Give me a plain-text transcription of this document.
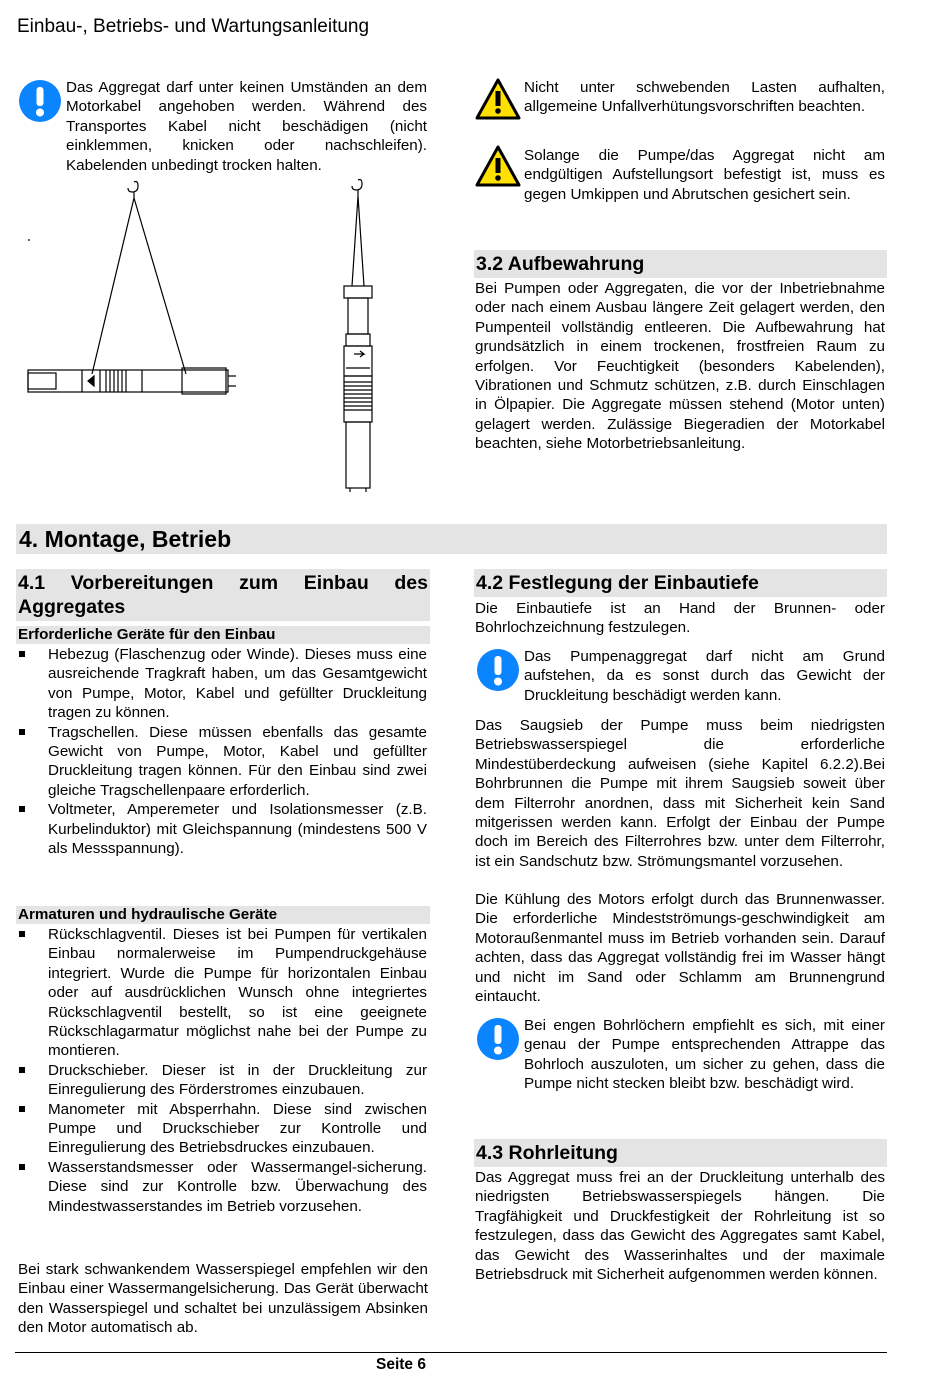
Einbau-, Betriebs- und Wartungsanleitung
Das Aggregat darf unter keinen Umständen an dem Motorkabel angehoben werden. Während des Transportes Kabel nicht beschädigen (nicht einklemmen, knicken oder nachschleifen). Kabelenden unbedingt trocken halten.
Nicht unter schwebenden Lasten aufhalten, allgemeine Unfallverhütungsvorschriften beachten.
Solange die Pumpe/das Aggregat nicht am endgültigen Aufstellungsort befestigt ist, muss es gegen Umkippen und Abrutschen gesichert sein.
3.2 Aufbewahrung
Bei Pumpen oder Aggregaten, die vor der Inbetriebnahme oder nach einem Ausbau längere Zeit gelagert werden, den Pumpenteil vollständig entleeren. Die Aufbewahrung hat grundsätzlich in einem trockenen, frostfreien Raum zu erfolgen. Vor Feuchtigkeit (besonders Kabelenden), Vibrationen und Schmutz schützen, z.B. durch Einschlagen in Ölpapier. Die Aggregate müssen stehend (Motor unten) gelagert werden. Zulässige Biegeradien der Motorkabel beachten, siehe Motorbetriebsanleitung.
4. Montage, Betrieb
4.1 Vorbereitungen zum Einbau des Aggregates
Erforderliche Geräte für den Einbau
Hebezug (Flaschenzug oder Winde). Dieses muss eine ausreichende Tragkraft haben, um das Gesamtgewicht von Pumpe, Motor, Kabel und gefüllter Druckleitung tragen zu können.
Tragschellen. Diese müssen ebenfalls das gesamte Gewicht von Pumpe, Motor, Kabel und gefüllter Druckleitung tragen können. Für den Einbau sind zwei gleiche Tragschellenpaare erforderlich.
Voltmeter, Amperemeter und Isolationsmesser (z.B. Kurbelinduktor) mit Gleichspannung (mindestens 500 V als Messspannung).
Armaturen und hydraulische Geräte
Rückschlagventil. Dieses ist bei Pumpen für vertikalen Einbau normalerweise im Pumpendruckgehäuse integriert. Wurde die Pumpe für horizontalen Einbau oder auf ausdrücklichen Wunsch ohne integriertes Rückschlagventil bestellt, so ist eine geeignete Rückschlagarmatur möglichst nahe bei der Pumpe zu montieren.
Druckschieber. Dieser ist in der Druckleitung zur Einregulierung des Förderstromes einzubauen.
Manometer mit Absperrhahn. Diese sind zwischen Pumpe und Druckschieber zur Kontrolle und Einregulierung des Betriebsdruckes einzubauen.
Wasserstandsmesser oder Wassermangel-sicherung. Diese sind zur Kontrolle bzw. Überwachung des Mindestwasserstandes im Betrieb vorzusehen.
Bei stark schwankendem Wasserspiegel empfehlen wir den Einbau einer Wassermangelsicherung. Das Gerät überwacht den Wasserspiegel und schaltet bei unzulässigem Absinken den Motor automatisch ab.
4.2 Festlegung der Einbautiefe
Die Einbautiefe ist an Hand der Brunnen- oder Bohrlochzeichnung festzulegen.
Das Pumpenaggregat darf nicht am Grund aufstehen, da es sonst durch das Gewicht der Druckleitung beschädigt werden kann.
Das Saugsieb der Pumpe muss beim niedrigsten Betriebswasserspiegel die erforderliche Mindestüberdeckung aufweisen (siehe Kapitel 6.2.2).Bei Bohrbrunnen die Pumpe mit ihrem Saugsieb soweit über dem Filterrohr anordnen, dass mit Sicherheit kein Sand mitgerissen werden kann. Erfolgt der Einbau der Pumpe doch im Bereich des Filterrohres bzw. unter dem Filterrohr, ist ein Sandschutz bzw. Strömungsmantel vorzusehen.
Die Kühlung des Motors erfolgt durch das Brunnenwasser. Die erforderliche Mindestströmungs-geschwindigkeit am Motoraußenmantel muss im Betrieb vorhanden sein. Darauf achten, dass das Aggregat vollständig frei im Wasser hängt und nicht im Sand oder Schlamm am Brunnengrund eintaucht.
Bei engen Bohrlöchern empfiehlt es sich, mit einer genau der Pumpe entsprechenden Attrappe das Bohrloch auszuloten, um sicher zu gehen, dass die Pumpe nicht stecken bleibt bzw. beschädigt wird.
4.3 Rohrleitung
Das Aggregat muss frei an der Druckleitung unterhalb des niedrigsten Betriebswasserspiegels hängen. Die Tragfähigkeit und Druckfestigkeit der Rohrleitung ist so festzulegen, dass das Gewicht des Aggregates samt Kabel, das Gewicht des Wasserinhaltes und der maximale Betriebsdruck mit Sicherheit aufgenommen werden können.
Seite 6
